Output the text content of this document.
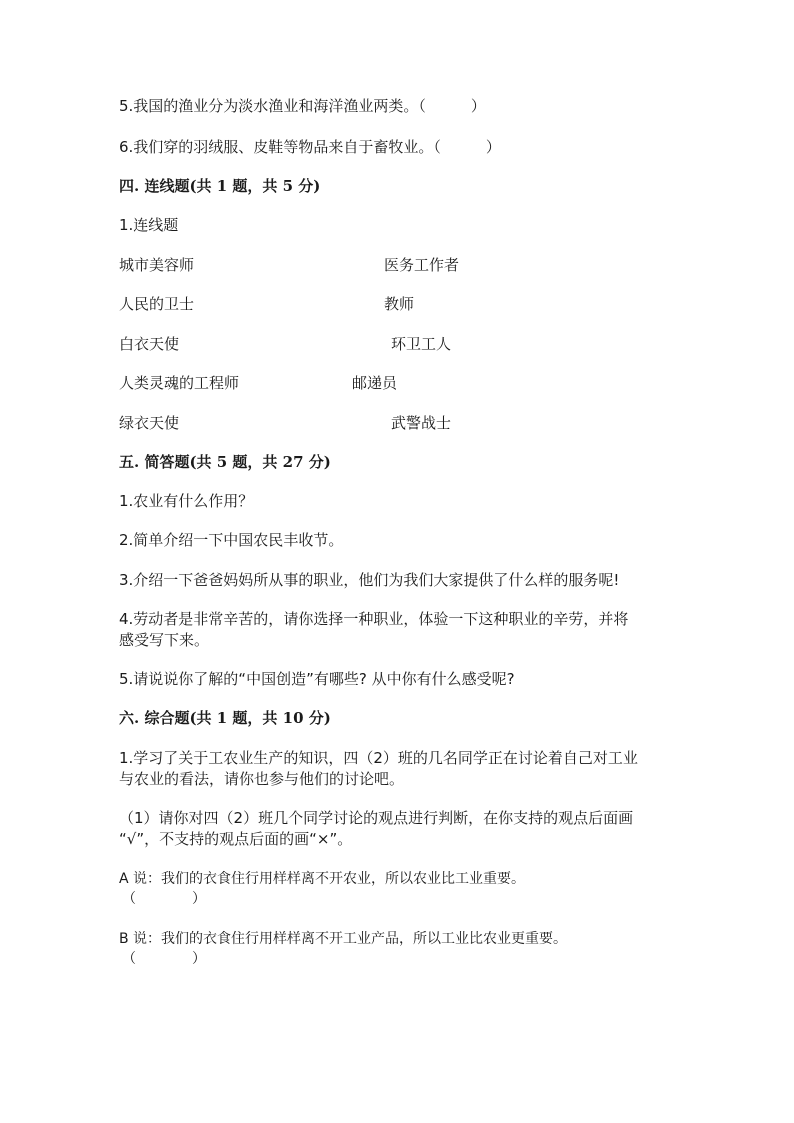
5.我国的渔业分为淡水渔业和海洋渔业两类。（　　　）
6.我们穿的羽绒服、皮鞋等物品来自于畜牧业。（　　　）
四. 连线题(共 1 题，共 5 分)
1.连线题
城市美容师	医务工作者
人民的卫士	教师
白衣天使	环卫工人
人类灵魂的工程师	邮递员
绿衣天使	武警战士
五. 简答题(共 5 题，共 27 分)
1.农业有什么作用？
2.简单介绍一下中国农民丰收节。
3.介绍一下爸爸妈妈所从事的职业，他们为我们大家提供了什么样的服务呢!
4.劳动者是非常辛苦的，请你选择一种职业，体验一下这种职业的辛劳，并将
感受写下来。
5.请说说你了解的“中国创造”有哪些? 从中你有什么感受呢?
六. 综合题(共 1 题，共 10 分)
1.学习了关于工农业生产的知识，四（2）班的几名同学正在讨论着自己对工业
与农业的看法，请你也参与他们的讨论吧。
（1）请你对四（2）班几个同学讨论的观点进行判断，在你支持的观点后面画
“√”，不支持的观点后面的画“×”。
A 说：我们的衣食住行用样样离不开农业，所以农业比工业重要。
（　　　　）
B 说：我们的衣食住行用样样离不开工业产品，所以工业比农业更重要。
（　　　　）
